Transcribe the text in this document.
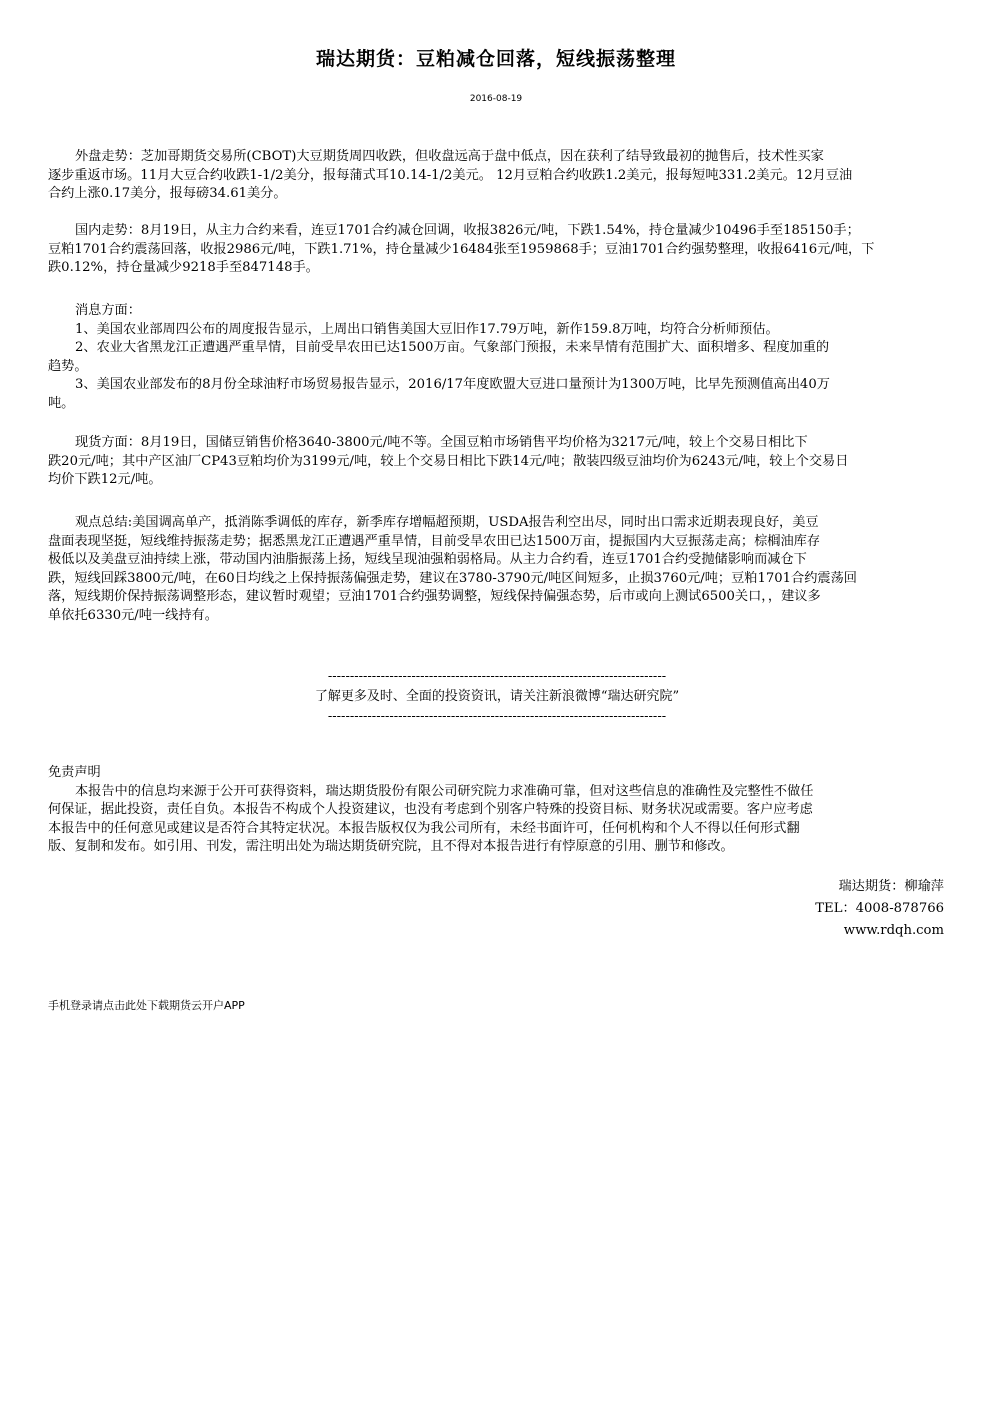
瑞达期货：豆粕减仓回落，短线振荡整理
2016-08-19
外盘走势：芝加哥期货交易所(CBOT)大豆期货周四收跌，但收盘远高于盘中低点，因在获利了结导致最初的抛售后，技术性买家
逐步重返市场。11月大豆合约收跌1-1/2美分，报每蒲式耳10.14-1/2美元。 12月豆粕合约收跌1.2美元，报每短吨331.2美元。12月豆油
合约上涨0.17美分，报每磅34.61美分。
国内走势：8月19日，从主力合约来看，连豆1701合约减仓回调，收报3826元/吨，下跌1.54%，持仓量减少10496手至185150手；
豆粕1701合约震荡回落，收报2986元/吨，下跌1.71%，持仓量减少16484张至1959868手；豆油1701合约强势整理，收报6416元/吨，下
跌0.12%，持仓量减少9218手至847148手。
消息方面：
1、美国农业部周四公布的周度报告显示，上周出口销售美国大豆旧作17.79万吨，新作159.8万吨，均符合分析师预估。
2、农业大省黑龙江正遭遇严重旱情，目前受旱农田已达1500万亩。气象部门预报，未来旱情有范围扩大、面积增多、程度加重的
趋势。
3、美国农业部发布的8月份全球油籽市场贸易报告显示，2016/17年度欧盟大豆进口量预计为1300万吨，比早先预测值高出40万
吨。
现货方面：8月19日，国储豆销售价格3640-3800元/吨不等。全国豆粕市场销售平均价格为3217元/吨，较上个交易日相比下
跌20元/吨；其中产区油厂CP43豆粕均价为3199元/吨，较上个交易日相比下跌14元/吨；散装四级豆油均价为6243元/吨，较上个交易日
均价下跌12元/吨。
观点总结:美国调高单产，抵消陈季调低的库存，新季库存增幅超预期，USDA报告利空出尽，同时出口需求近期表现良好，美豆
盘面表现坚挺，短线维持振荡走势；据悉黑龙江正遭遇严重旱情，目前受旱农田已达1500万亩，提振国内大豆振荡走高；棕榈油库存
极低以及美盘豆油持续上涨，带动国内油脂振荡上扬，短线呈现油强粕弱格局。从主力合约看，连豆1701合约受抛储影响而减仓下
跌，短线回踩3800元/吨，在60日均线之上保持振荡偏强走势，建议在3780-3790元/吨区间短多，止损3760元/吨；豆粕1701合约震荡回
落，短线期价保持振荡调整形态，建议暂时观望；豆油1701合约强势调整，短线保持偏强态势，后市或向上测试6500关口，，建议多
单依托6330元/吨一线持有。
-----------------------------------------------------------------------------
了解更多及时、全面的投资资讯，请关注新浪微博“瑞达研究院”
-----------------------------------------------------------------------------
免责声明
本报告中的信息均来源于公开可获得资料，瑞达期货股份有限公司研究院力求准确可靠，但对这些信息的准确性及完整性不做任
何保证，据此投资，责任自负。本报告不构成个人投资建议，也没有考虑到个别客户特殊的投资目标、财务状况或需要。客户应考虑
本报告中的任何意见或建议是否符合其特定状况。本报告版权仅为我公司所有，未经书面许可，任何机构和个人不得以任何形式翻
版、复制和发布。如引用、刊发，需注明出处为瑞达期货研究院，且不得对本报告进行有悖原意的引用、删节和修改。
瑞达期货：柳瑜萍
TEL：4008-878766
www.rdqh.com
手机登录请点击此处下载期货云开户APP
